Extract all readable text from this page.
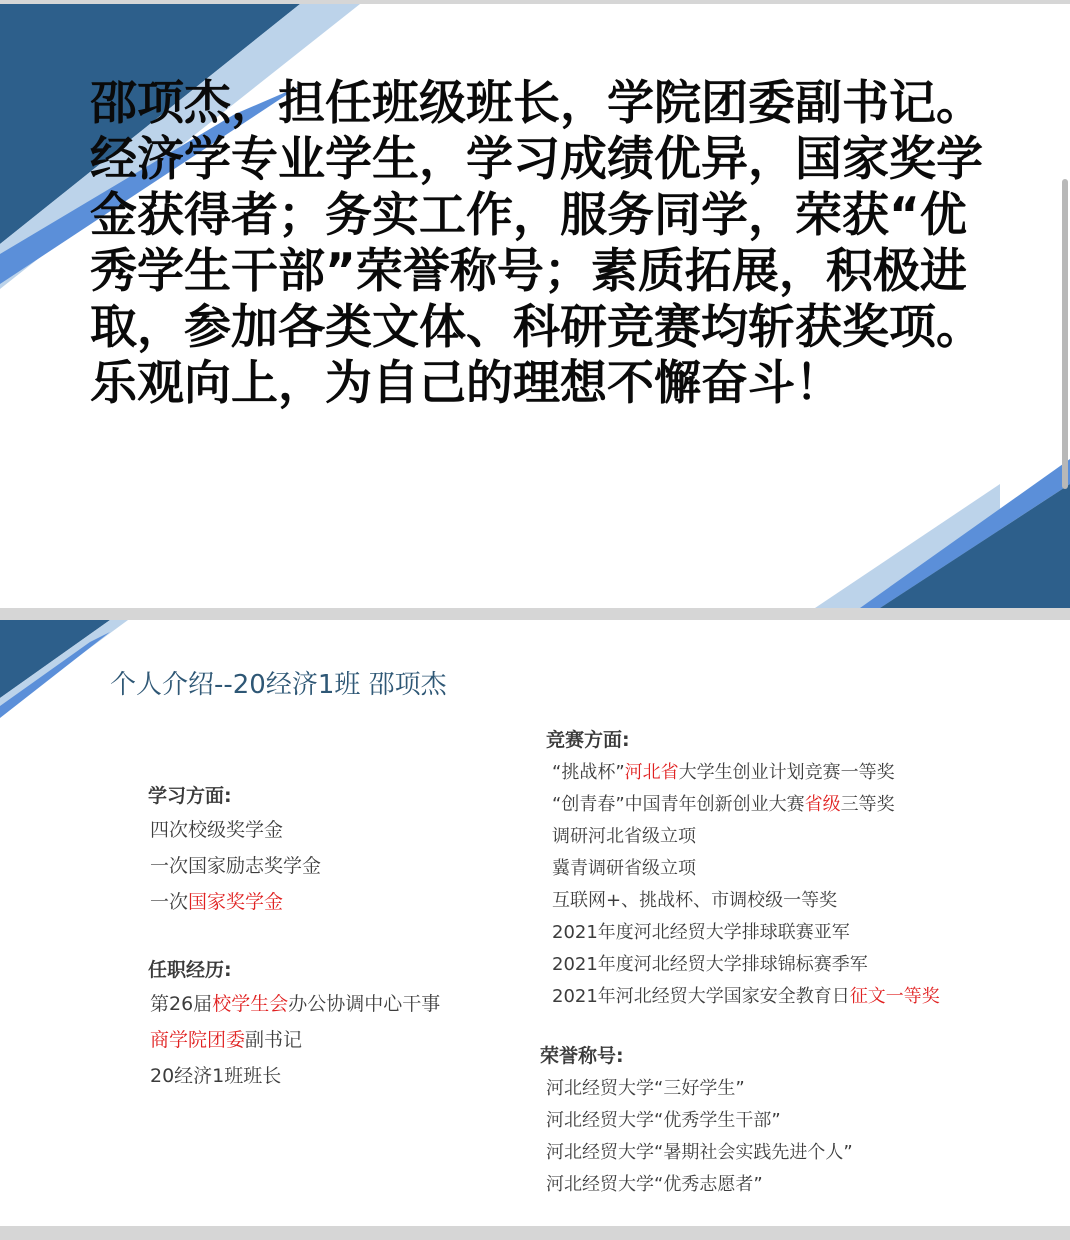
邵项杰，担任班级班长，学院团委副书记。经济学专业学生，学习成绩优异，国家奖学金获得者；务实工作，服务同学，荣获“优秀学生干部”荣誉称号；素质拓展，积极进取，参加各类文体、科研竞赛均斩获奖项。乐观向上，为自己的理想不懈奋斗！

个人介绍--20经济1班 邵项杰
学习方面:
四次校级奖学金
一次国家励志奖学金
一次国家奖学金
任职经历:
第26届校学生会办公协调中心干事
商学院团委副书记
20经济1班班长
竞赛方面:
“挑战杯”河北省大学生创业计划竞赛一等奖
“创青春”中国青年创新创业大赛省级三等奖
调研河北省级立项
冀青调研省级立项
互联网+、挑战杯、市调校级一等奖
2021年度河北经贸大学排球联赛亚军
2021年度河北经贸大学排球锦标赛季军
2021年河北经贸大学国家安全教育日征文一等奖
荣誉称号:
河北经贸大学“三好学生”
河北经贸大学“优秀学生干部”
河北经贸大学“暑期社会实践先进个人”
河北经贸大学“优秀志愿者”
